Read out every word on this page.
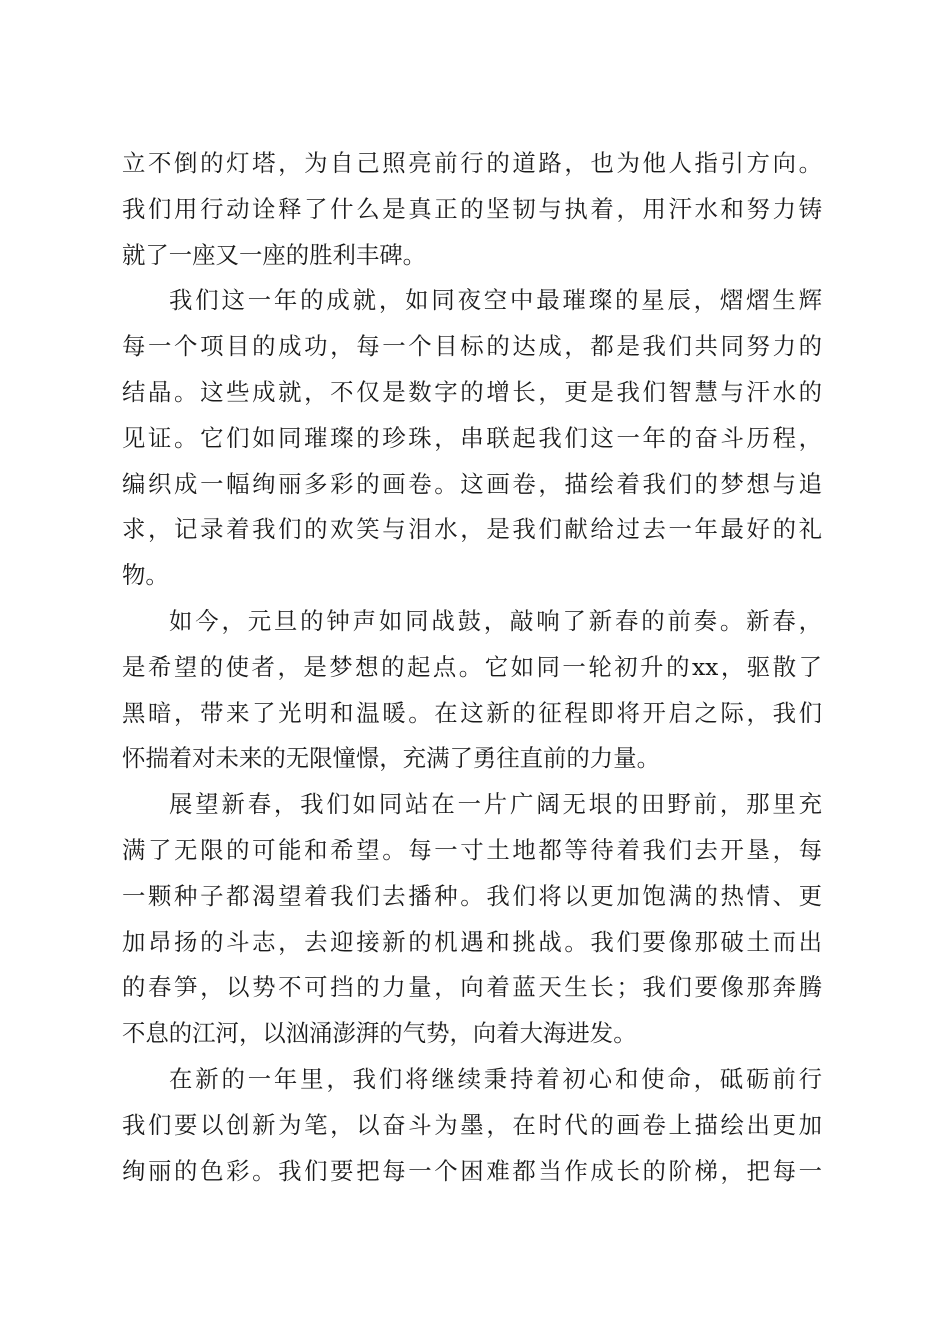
立不倒的灯塔，为自己照亮前行的道路，也为他人指引方向。
我们用行动诠释了什么是真正的坚韧与执着，用汗水和努力铸
就了一座又一座的胜利丰碑。
我们这一年的成就，如同夜空中最璀璨的星辰，熠熠生辉
每一个项目的成功，每一个目标的达成，都是我们共同努力的
结晶。这些成就，不仅是数字的增长，更是我们智慧与汗水的
见证。它们如同璀璨的珍珠，串联起我们这一年的奋斗历程，
编织成一幅绚丽多彩的画卷。这画卷，描绘着我们的梦想与追
求，记录着我们的欢笑与泪水，是我们献给过去一年最好的礼
物。
如今，元旦的钟声如同战鼓，敲响了新春的前奏。新春，
是希望的使者，是梦想的起点。它如同一轮初升的xx，驱散了
黑暗，带来了光明和温暖。在这新的征程即将开启之际，我们
怀揣着对未来的无限憧憬，充满了勇往直前的力量。
展望新春，我们如同站在一片广阔无垠的田野前，那里充
满了无限的可能和希望。每一寸土地都等待着我们去开垦，每
一颗种子都渴望着我们去播种。我们将以更加饱满的热情、更
加昂扬的斗志，去迎接新的机遇和挑战。我们要像那破土而出
的春笋，以势不可挡的力量，向着蓝天生长；我们要像那奔腾
不息的江河，以汹涌澎湃的气势，向着大海进发。
在新的一年里，我们将继续秉持着初心和使命，砥砺前行
我们要以创新为笔，以奋斗为墨，在时代的画卷上描绘出更加
绚丽的色彩。我们要把每一个困难都当作成长的阶梯，把每一
